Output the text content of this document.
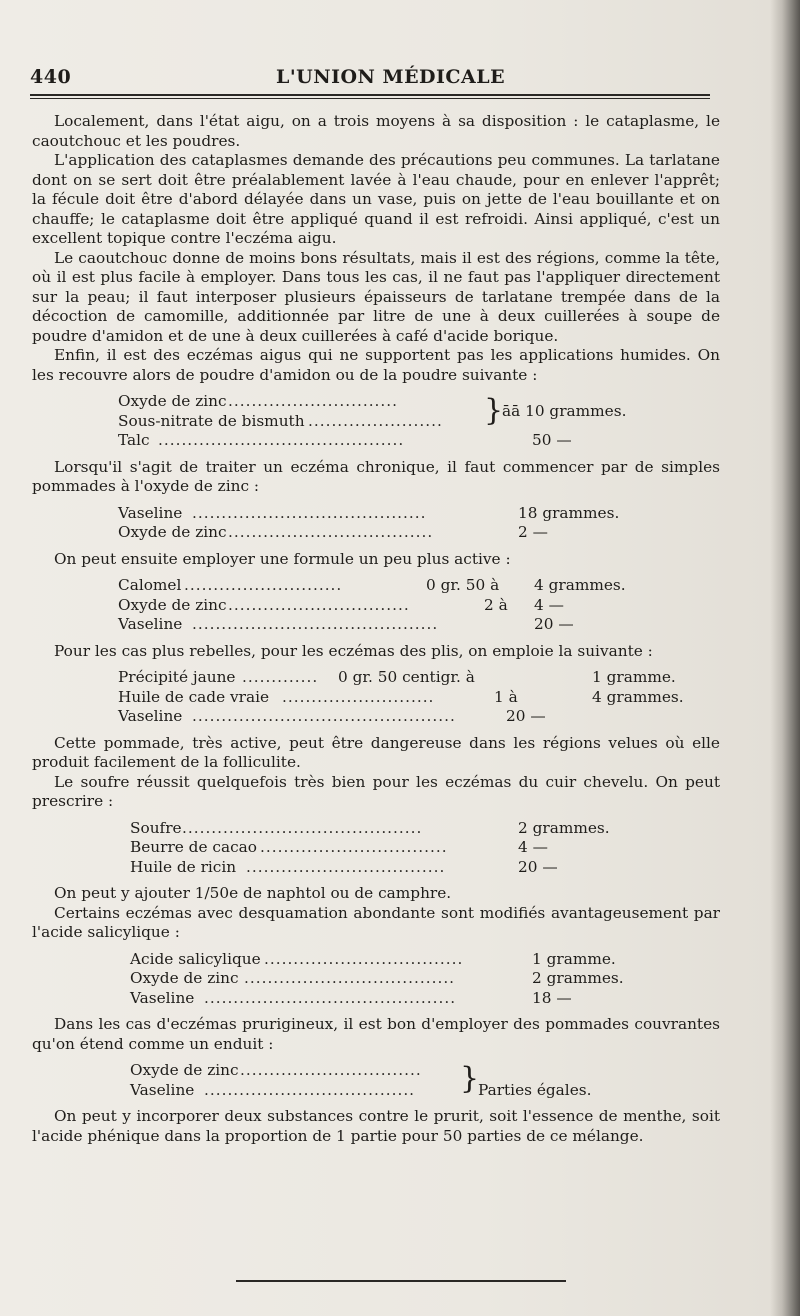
440	L'UNION MÉDICALE

Localement, dans l'état aigu, on a trois moyens à sa disposition : le cataplasme, le caoutchouc et les poudres.

L'application des cataplasmes demande des précautions peu communes. La tarlatane dont on se sert doit être préalablement lavée à l'eau chaude, pour en enlever l'apprêt; la fécule doit être d'abord délayée dans un vase, puis on jette de l'eau bouillante et on chauffe; le cataplasme doit être appliqué quand il est refroidi. Ainsi appliqué, c'est un excellent topique contre l'eczéma aigu.

Le caoutchouc donne de moins bons résultats, mais il est des régions, comme la tête, où il est plus facile à employer. Dans tous les cas, il ne faut pas l'appliquer directement sur la peau; il faut interposer plusieurs épaisseurs de tarlatane trempée dans de la décoction de camomille, additionnée par litre de une à deux cuillerées à soupe de poudre d'amidon et de une à deux cuillerées à café d'acide borique.

Enfin, il est des eczémas aigus qui ne supportent pas les applications humides. On les recouvre alors de poudre d'amidon ou de la poudre suivante :

Oxyde de zinc .............................
Sous-nitrate de bismuth ....................... }
āā 10 grammes.
Talc ..........................................	50 —

Lorsqu'il s'agit de traiter un eczéma chronique, il faut commencer par de simples pommades à l'oxyde de zinc :

Vaseline ........................................	18 grammes.
Oxyde de zinc ...................................	2 —

On peut ensuite employer une formule un peu plus active :

Calomel ...........................	0 gr. 50 à 4 grammes.
Oxyde de zinc ...............................	2 à 4 —
Vaseline ..........................................	20 —

Pour les cas plus rebelles, pour les eczémas des plis, on emploie la suivante :

Précipité jaune ............. 0 gr. 50 centigr. à	1 gramme.
Huile de cade vraie ..........................	1 à	4 grammes.
Vaseline .............................................	20 —

Cette pommade, très active, peut être dangereuse dans les régions velues où elle produit facilement de la folliculite.

Le soufre réussit quelquefois très bien pour les eczémas du cuir chevelu. On peut prescrire :

Soufre .........................................	2 grammes.
Beurre de cacao ................................	4 —
Huile de ricin ..................................	20 —

On peut y ajouter 1/50e de naphtol ou de camphre.

Certains eczémas avec desquamation abondante sont modifiés avantageusement par l'acide salicylique :

Acide salicylique ..................................	1 gramme.
Oxyde de zinc ....................................	2 grammes.
Vaseline ...........................................	18 —

Dans les cas d'eczémas prurigineux, il est bon d'employer des pommades couvrantes qu'on étend comme un enduit :

Oxyde de zinc ............................... }
Vaseline ....................................	Parties égales.

On peut y incorporer deux substances contre le prurit, soit l'essence de menthe, soit l'acide phénique dans la proportion de 1 partie pour 50 parties de ce mélange.
